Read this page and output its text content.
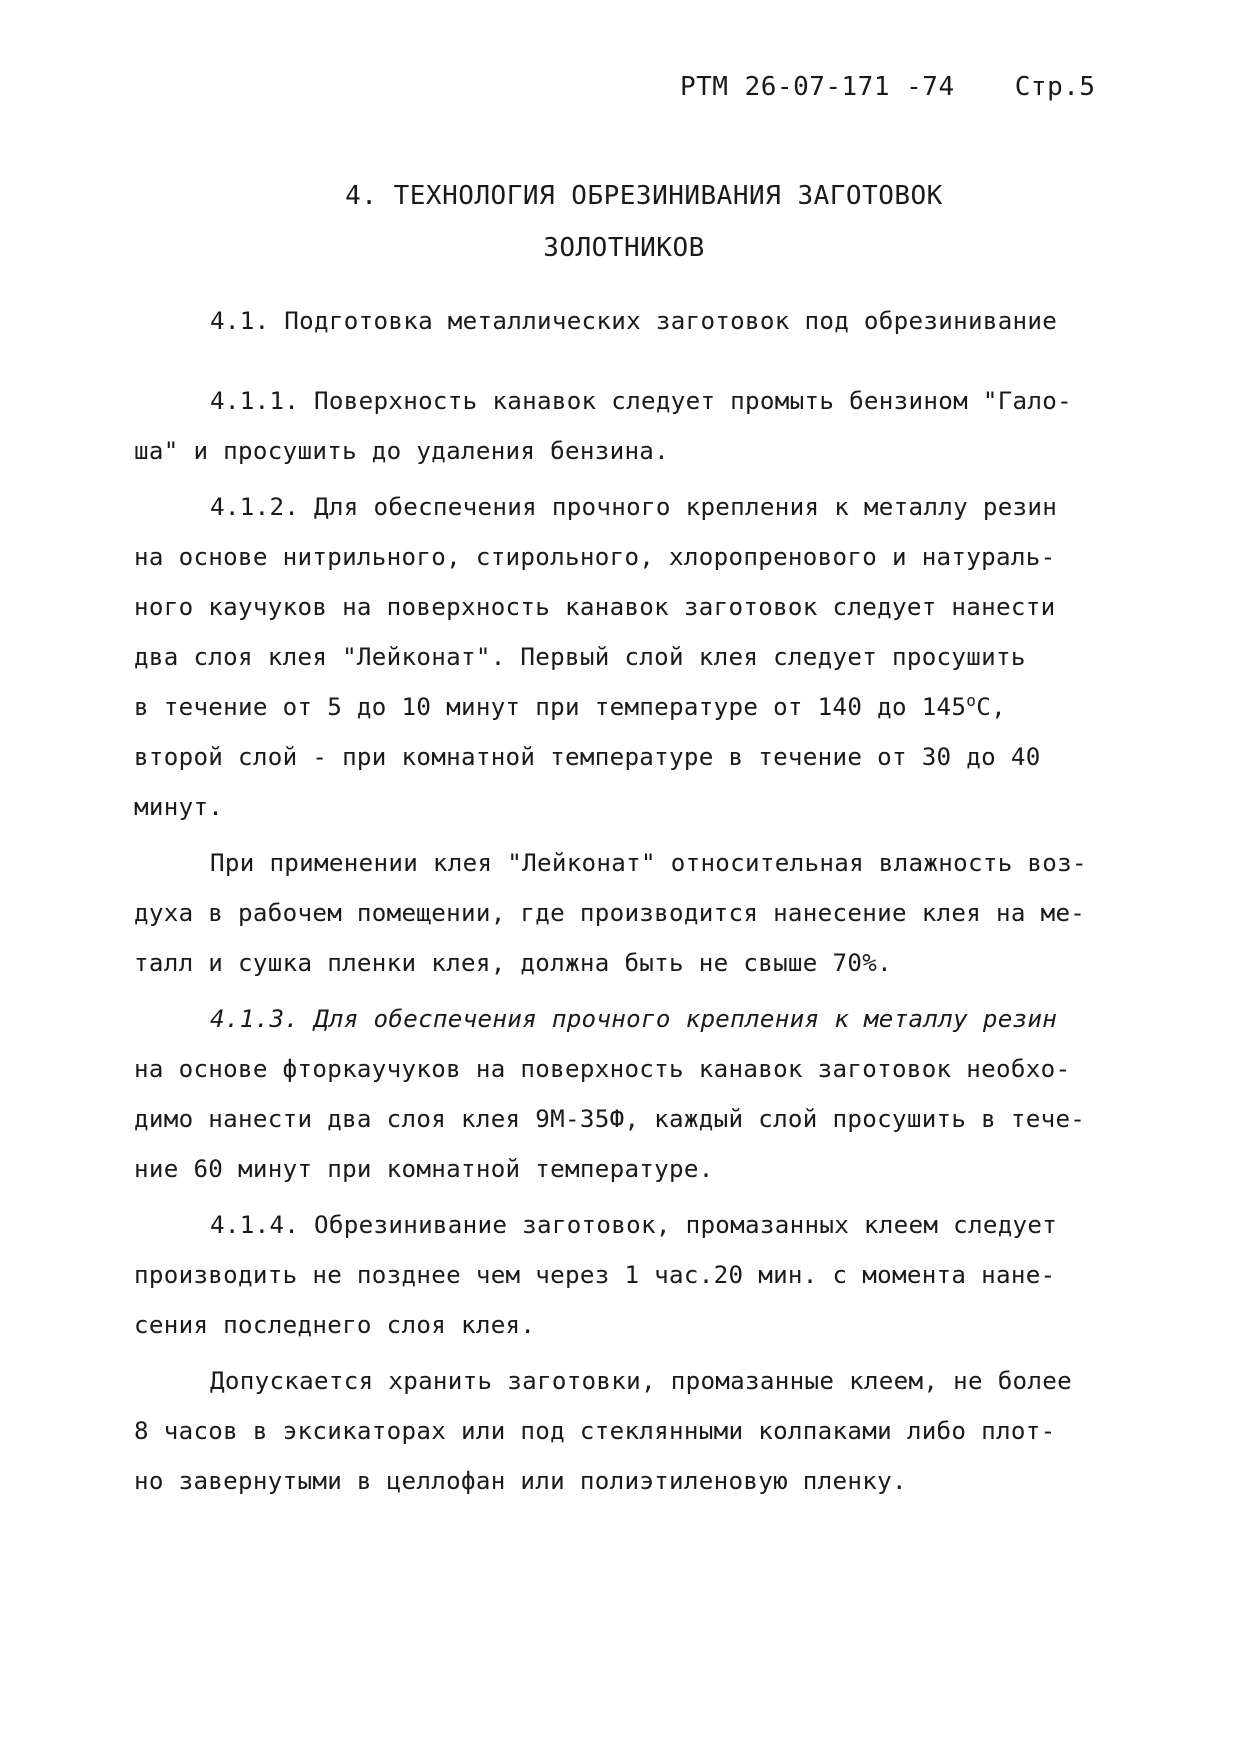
РТМ 26-07-171 -74 Стр.5
4. ТЕХНОЛОГИЯ ОБРЕЗИНИВАНИЯ ЗАГОТОВОК
ЗОЛОТНИКОВ

4.1. Подготовка металлических заготовок под обрезинивание

4.1.1. Поверхность канавок следует промыть бензином "Гало-
ша" и просушить до удаления бензина.

4.1.2. Для обеспечения прочного крепления к металлу резин
на основе нитрильного, стирольного, хлоропренового и натураль-
ного каучуков на поверхность канавок заготовок следует нанести
два слоя клея "Лейконат". Первый слой клея следует просушить
в течение от 5 до 10 минут при температуре от 140 до $145^оС$,
второй слой - при комнатной температуре в течение от 30 до 40
минут.

При применении клея "Лейконат" относительная влажность воз-
духа в рабочем помещении, где производится нанесение клея на ме-
талл и сушка пленки клея, должна быть не свыше 70%.

4.1.3. Для обеспечения прочного крепления к металлу резин
на основе фторкаучуков на поверхность канавок заготовок необхо-
димо нанести два слоя клея 9М-35Ф, каждый слой просушить в тече-
ние 60 минут при комнатной температуре.

4.1.4. Обрезинивание заготовок, промазанных клеем следует
производить не позднее чем через 1 час.20 мин. с момента нане-
сения последнего слоя клея.

Допускается хранить заготовки, промазанные клеем, не более
8 часов в эксикаторах или под стеклянными колпаками либо плот-
но завернутыми в целлофан или полиэтиленовую пленку.
